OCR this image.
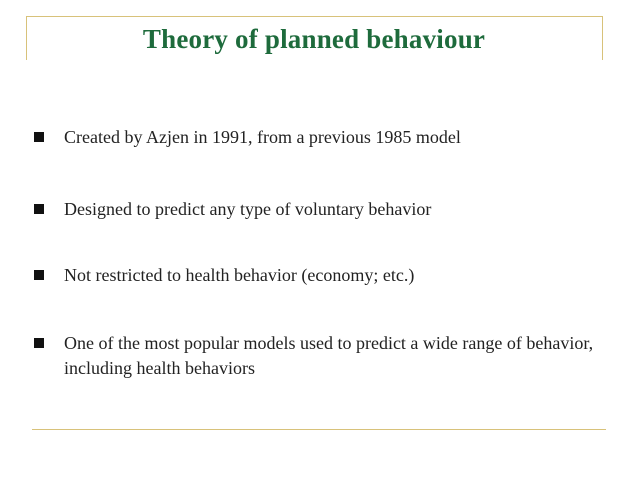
Theory of planned behaviour
Created by Azjen in 1991, from a previous 1985 model
Designed to predict any type of voluntary behavior
Not restricted to health behavior (economy; etc.)
One of the most popular models used to predict a wide range of behavior, including health behaviors
